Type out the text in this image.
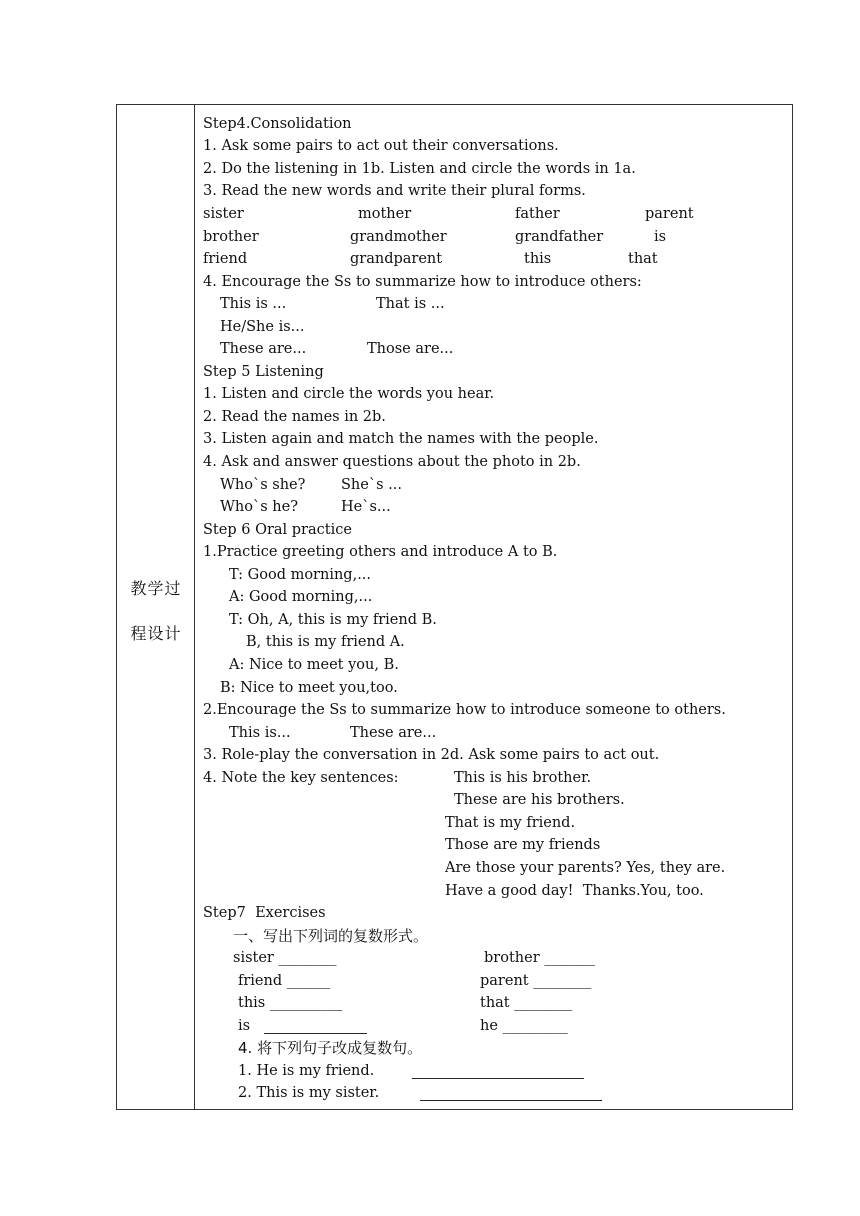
教学过
程设计
Step4.Consolidation
1. Ask some pairs to act out their conversations.
2. Do the listening in 1b. Listen and circle the words in 1a.
3. Read the new words and write their plural forms.
sister	mother	father	parent
brother	grandmother	grandfather	is
friend	grandparent	this	that
4. Encourage the Ss to summarize how to introduce others:
This is ...	That is ...
He/She is...
These are...	Those are...
Step 5 Listening
1. Listen and circle the words you hear.
2. Read the names in 2b.
3. Listen again and match the names with the people.
4. Ask and answer questions about the photo in 2b.
Who`s she? She`s ...
Who`s he?	He`s...
Step 6 Oral practice
1.Practice greeting others and introduce A to B.
T: Good morning,...
A: Good morning,...
T: Oh, A, this is my friend B.
B, this is my friend A.
A: Nice to meet you, B.
B: Nice to meet you,too.
2.Encourage the Ss to summarize how to introduce someone to others.
This is...	These are...
3. Role-play the conversation in 2d. Ask some pairs to act out.
4. Note the key sentences:	This is his brother.
These are his brothers.
That is my friend.
Those are my friends
Are those your parents? Yes, they are.
Have a good day!  Thanks.You, too.
Step7  Exercises
一、写出下列词的复数形式。
sister ________	brother _______
friend ______	parent ________
this __________	that ________
is	he _________
4. 将下列句子改成复数句。
1. He is my friend.
2. This is my sister.
